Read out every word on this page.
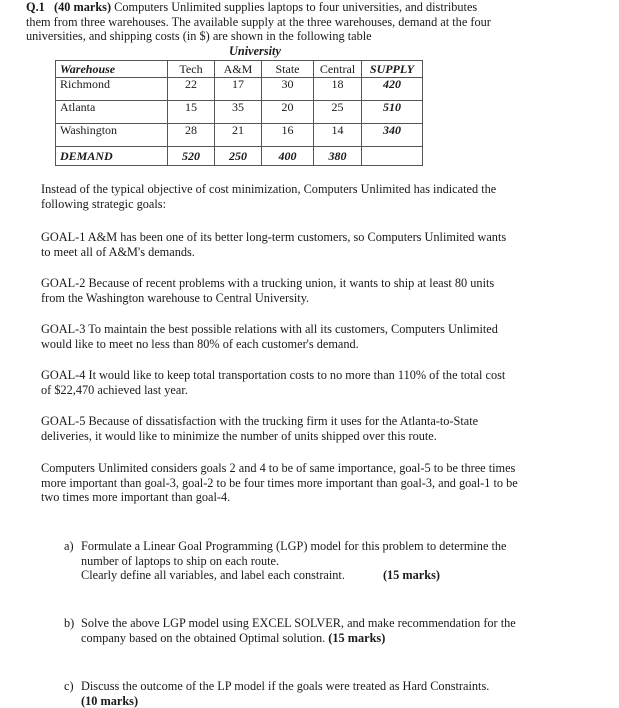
Q.1 (40 marks) Computers Unlimited supplies laptops to four universities, and distributes
them from three warehouses. The available supply at the three warehouses, demand at the four
universities, and shipping costs (in $) are shown in the following table
University
Warehouse	Tech	A&M	State	Central	SUPPLY
Richmond	22	17	30	18	420
Atlanta	15	35	20	25	510
Washington	28	21	16	14	340
DEMAND	520	250	400	380	
Instead of the typical objective of cost minimization, Computers Unlimited has indicated the
following strategic goals:
GOAL-1 A&M has been one of its better long-term customers, so Computers Unlimited wants
to meet all of A&M's demands.
GOAL-2 Because of recent problems with a trucking union, it wants to ship at least 80 units
from the Washington warehouse to Central University.
GOAL-3 To maintain the best possible relations with all its customers, Computers Unlimited
would like to meet no less than 80% of each customer's demand.
GOAL-4 It would like to keep total transportation costs to no more than 110% of the total cost
of $22,470 achieved last year.
GOAL-5 Because of dissatisfaction with the trucking firm it uses for the Atlanta-to-State
deliveries, it would like to minimize the number of units shipped over this route.
Computers Unlimited considers goals 2 and 4 to be of same importance, goal-5 to be three times
more important than goal-3, goal-2 to be four times more important than goal-3, and goal-1 to be
two times more important than goal-4.
a) Formulate a Linear Goal Programming (LGP) model for this problem to determine the
number of laptops to ship on each route.
Clearly define all variables, and label each constraint.	(15 marks)
b) Solve the above LGP model using EXCEL SOLVER, and make recommendation for the
company based on the obtained Optimal solution. (15 marks)
c) Discuss the outcome of the LP model if the goals were treated as Hard Constraints.
(10 marks)
